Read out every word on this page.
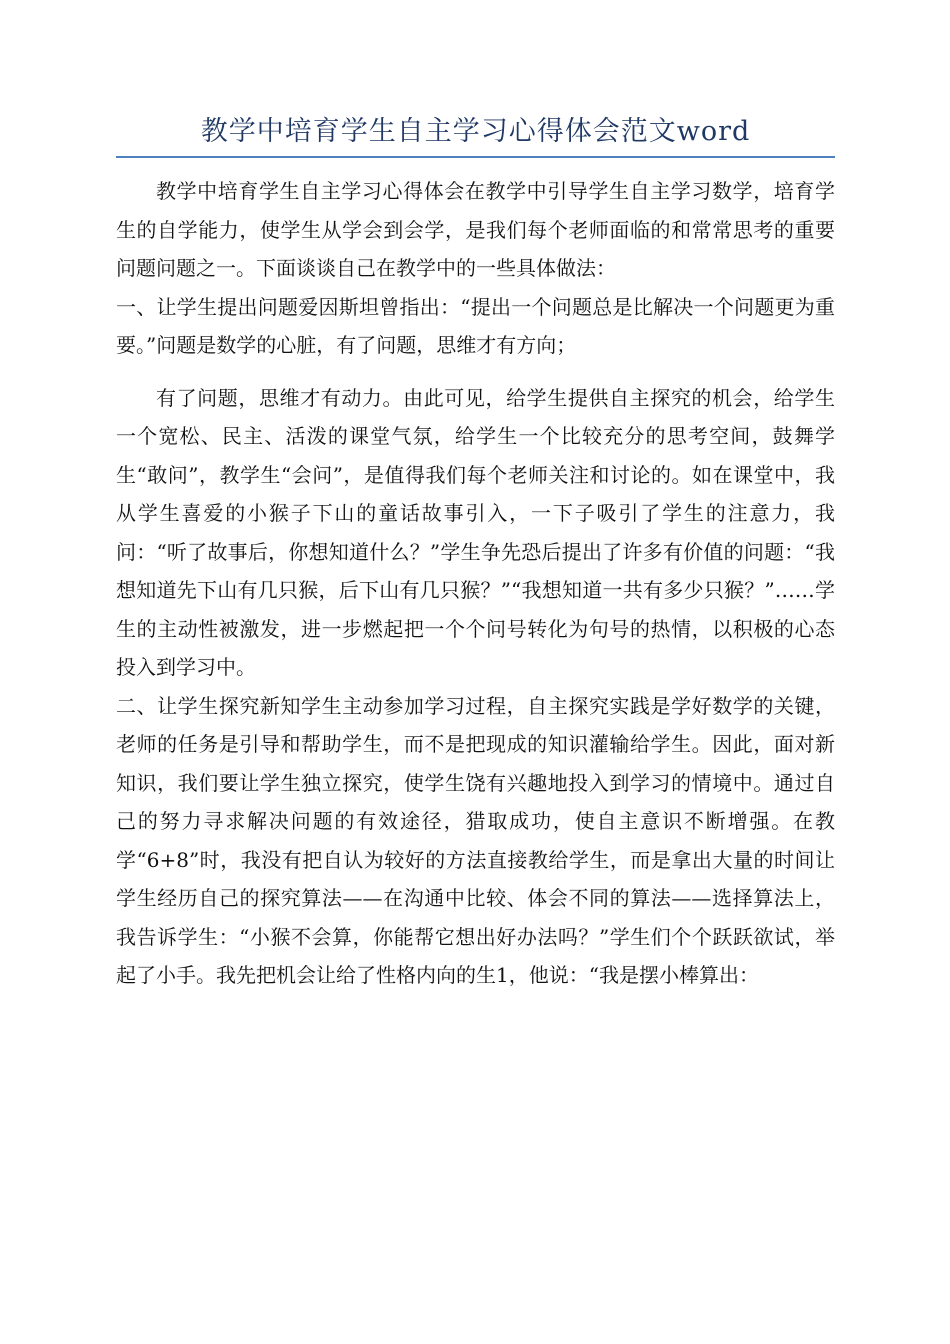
教学中培育学生自主学习心得体会范文word

教学中培育学生自主学习心得体会在教学中引导学生自主学习数学，培育学生的自学能力，使学生从学会到会学，是我们每个老师面临的和常常思考的重要问题问题之一。下面谈谈自己在教学中的一些具体做法：

一、让学生提出问题爱因斯坦曾指出：“提出一个问题总是比解决一个问题更为重要。”问题是数学的心脏，有了问题，思维才有方向；

有了问题，思维才有动力。由此可见，给学生提供自主探究的机会，给学生一个宽松、民主、活泼的课堂气氛，给学生一个比较充分的思考空间，鼓舞学生“敢问”，教学生“会问”，是值得我们每个老师关注和讨论的。如在课堂中，我从学生喜爱的小猴子下山的童话故事引入，一下子吸引了学生的注意力，我问：“听了故事后，你想知道什么？”学生争先恐后提出了许多有价值的问题：“我想知道先下山有几只猴，后下山有几只猴？”“我想知道一共有多少只猴？”……学生的主动性被激发，进一步燃起把一个个问号转化为句号的热情，以积极的心态投入到学习中。

二、让学生探究新知学生主动参加学习过程，自主探究实践是学好数学的关键，老师的任务是引导和帮助学生，而不是把现成的知识灌输给学生。因此，面对新知识，我们要让学生独立探究，使学生饶有兴趣地投入到学习的情境中。通过自己的努力寻求解决问题的有效途径，猎取成功，使自主意识不断增强。在教学“6+8”时，我没有把自认为较好的方法直接教给学生，而是拿出大量的时间让学生经历自己的探究算法——在沟通中比较、体会不同的算法——选择算法上，我告诉学生：“小猴不会算，你能帮它想出好办法吗？”学生们个个跃跃欲试，举起了小手。我先把机会让给了性格内向的生1，他说：“我是摆小棒算出：
